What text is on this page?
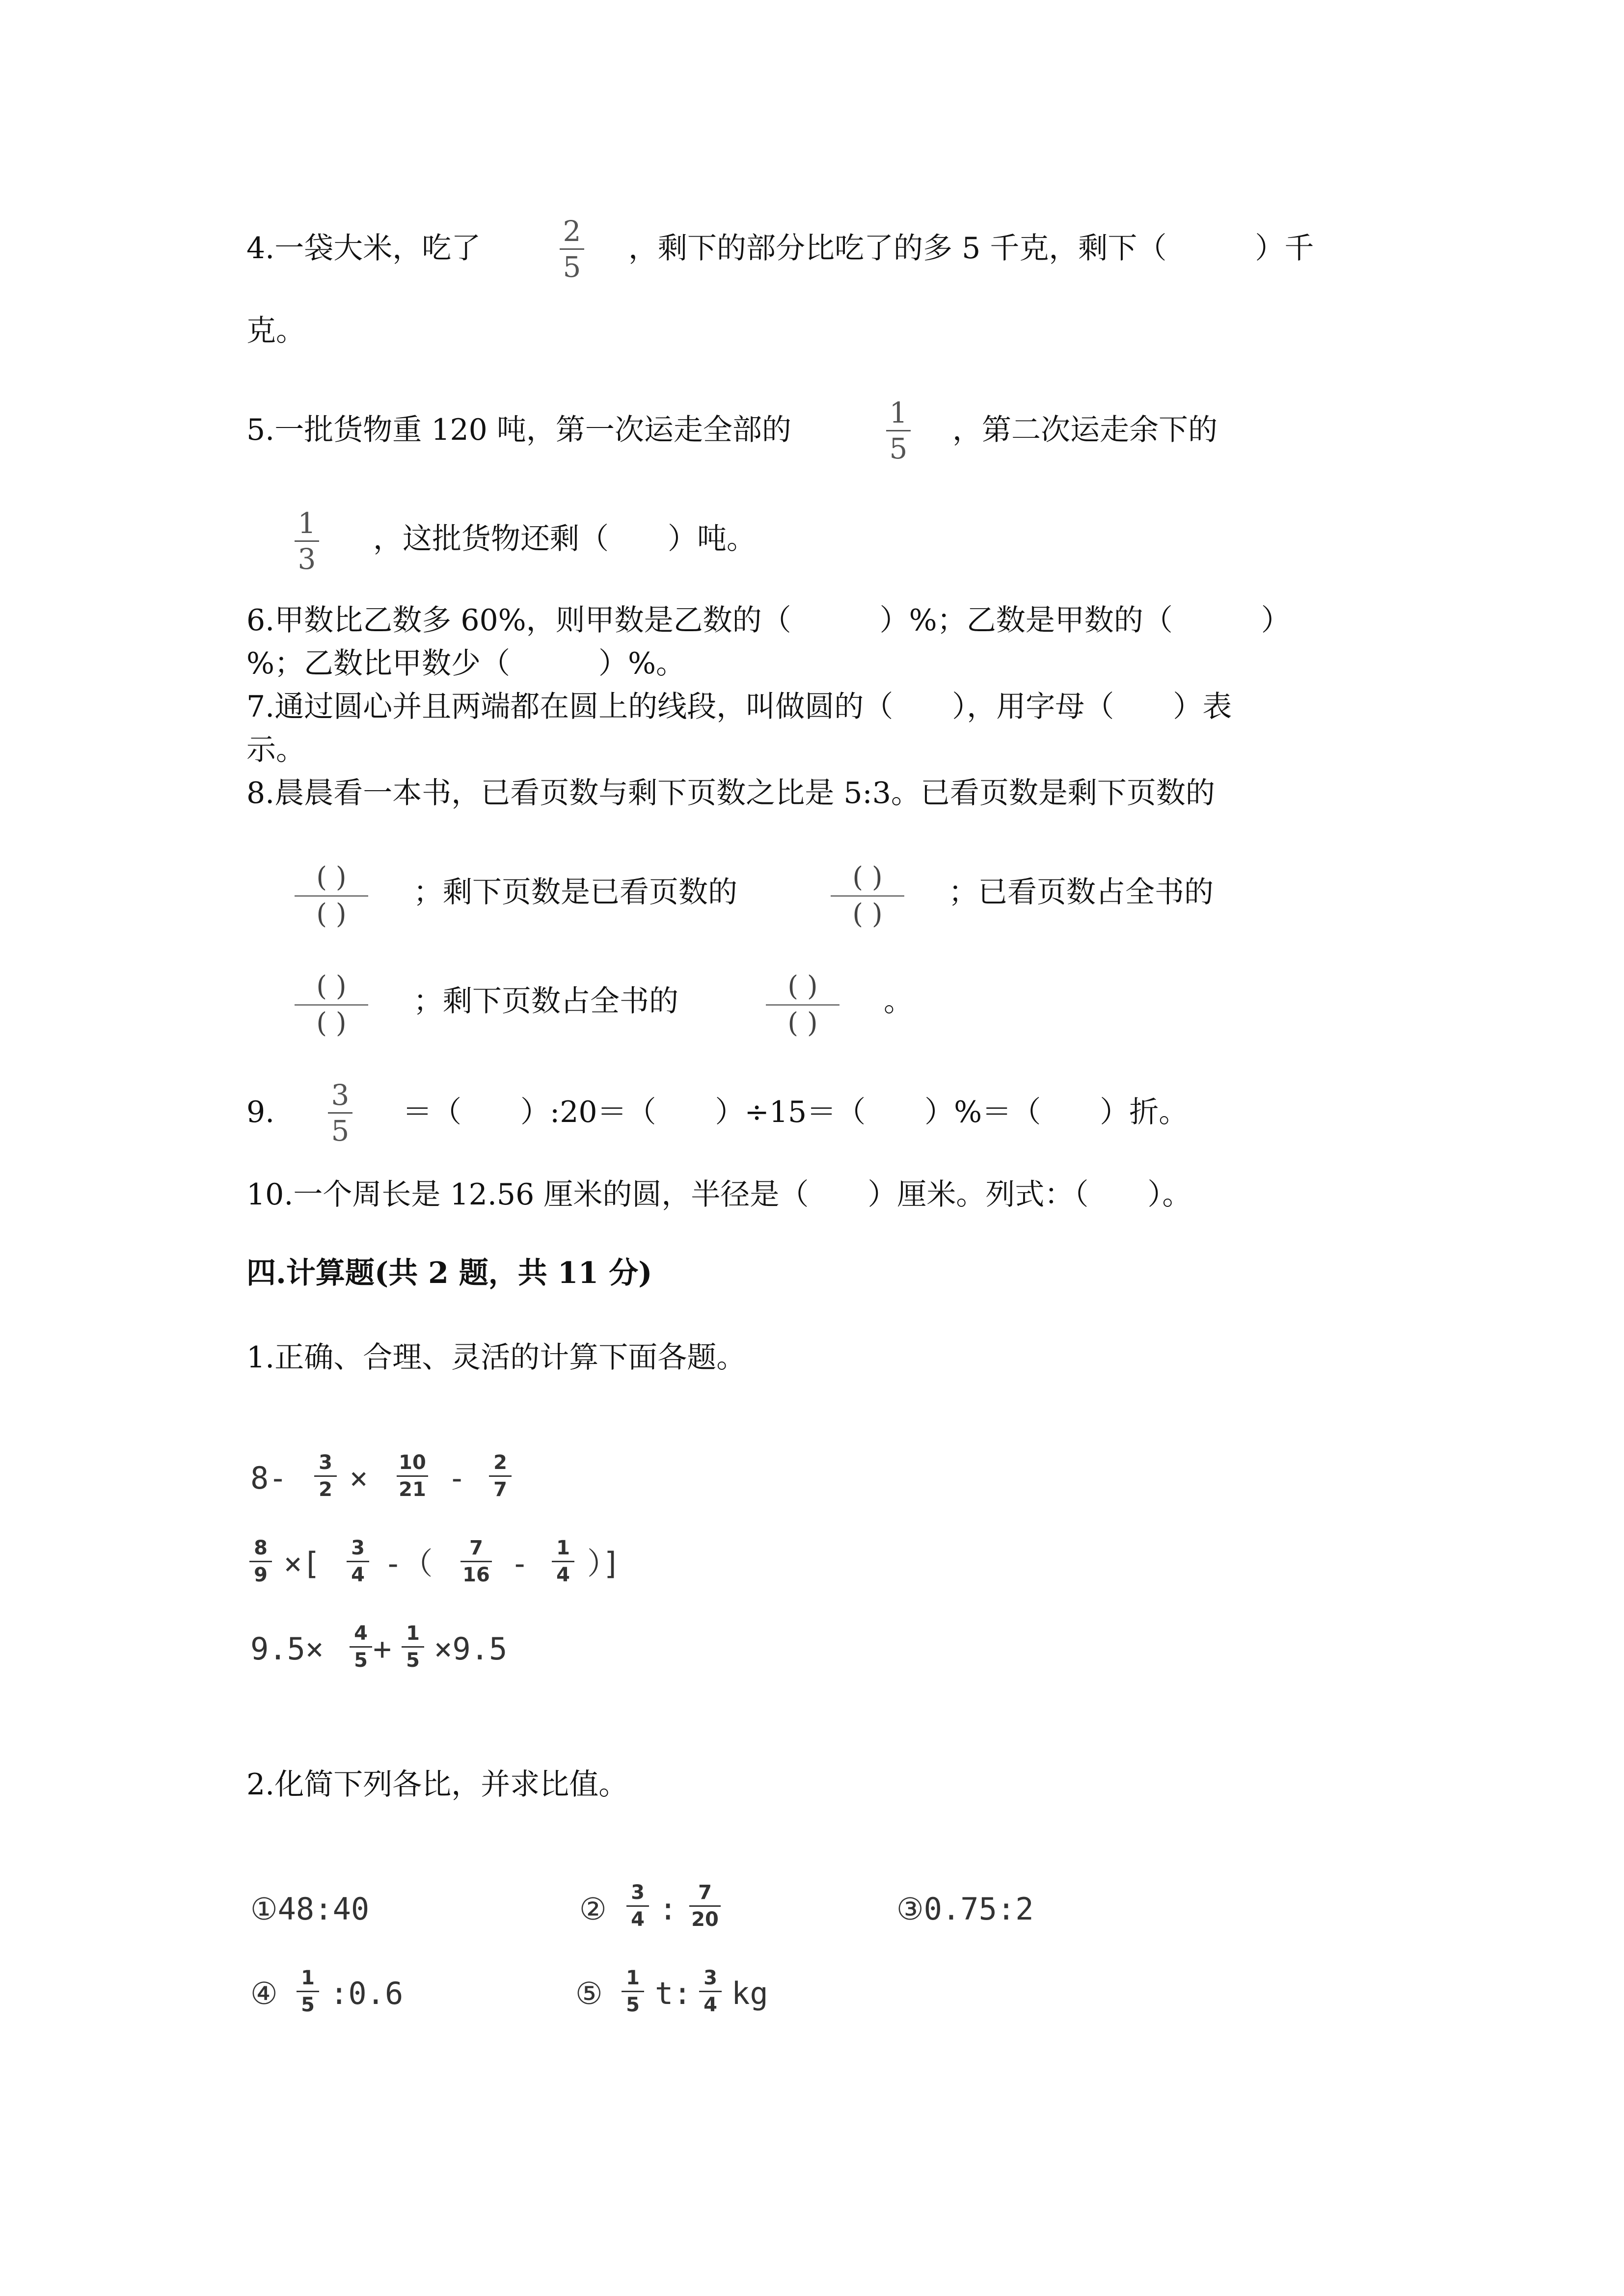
4.一袋大米，吃了	2
5
，剩下的部分比吃了的多 5 千克，剩下（　　　）千
克。
5.一批货物重 120 吨，第一次运走全部的	1
5
，第二次运走余下的
1
3
，这批货物还剩（　　）吨。
6.甲数比乙数多 60%，则甲数是乙数的（　　　）%；乙数是甲数的（　　　）
%；乙数比甲数少（　　　）%。
7.通过圆心并且两端都在圆上的线段，叫做圆的（　　），用字母（　　）表
示。
8.晨晨看一本书，已看页数与剩下页数之比是 5:3。已看页数是剩下页数的
( )
( )
；剩下页数是已看页数的	( )
( )
；已看页数占全书的
( )
( )
；剩下页数占全书的	( )
( )
。
9. 3
5
＝（　　）:20＝（　　）÷15＝（　　）%＝（　　）折。
10.一个周长是 12.56 厘米的圆，半径是（　　）厘米。列式：（　　）。
四.计算题(共 2 题，共 11 分)
1.正确、合理、灵活的计算下面各题。
8- 3
2 × 10
21 - 2
7
8
9 ×[ 3
4 -（	7
16 - 1
4 ）]
9.5× 4
5 + 1
5 ×9.5
2.化简下列各比，并求比值。
①48:40	② 3
4 :	7
20	③0.75:2
④ 1
5 :0.6	⑤ 1
5 t: 3
4 kg
